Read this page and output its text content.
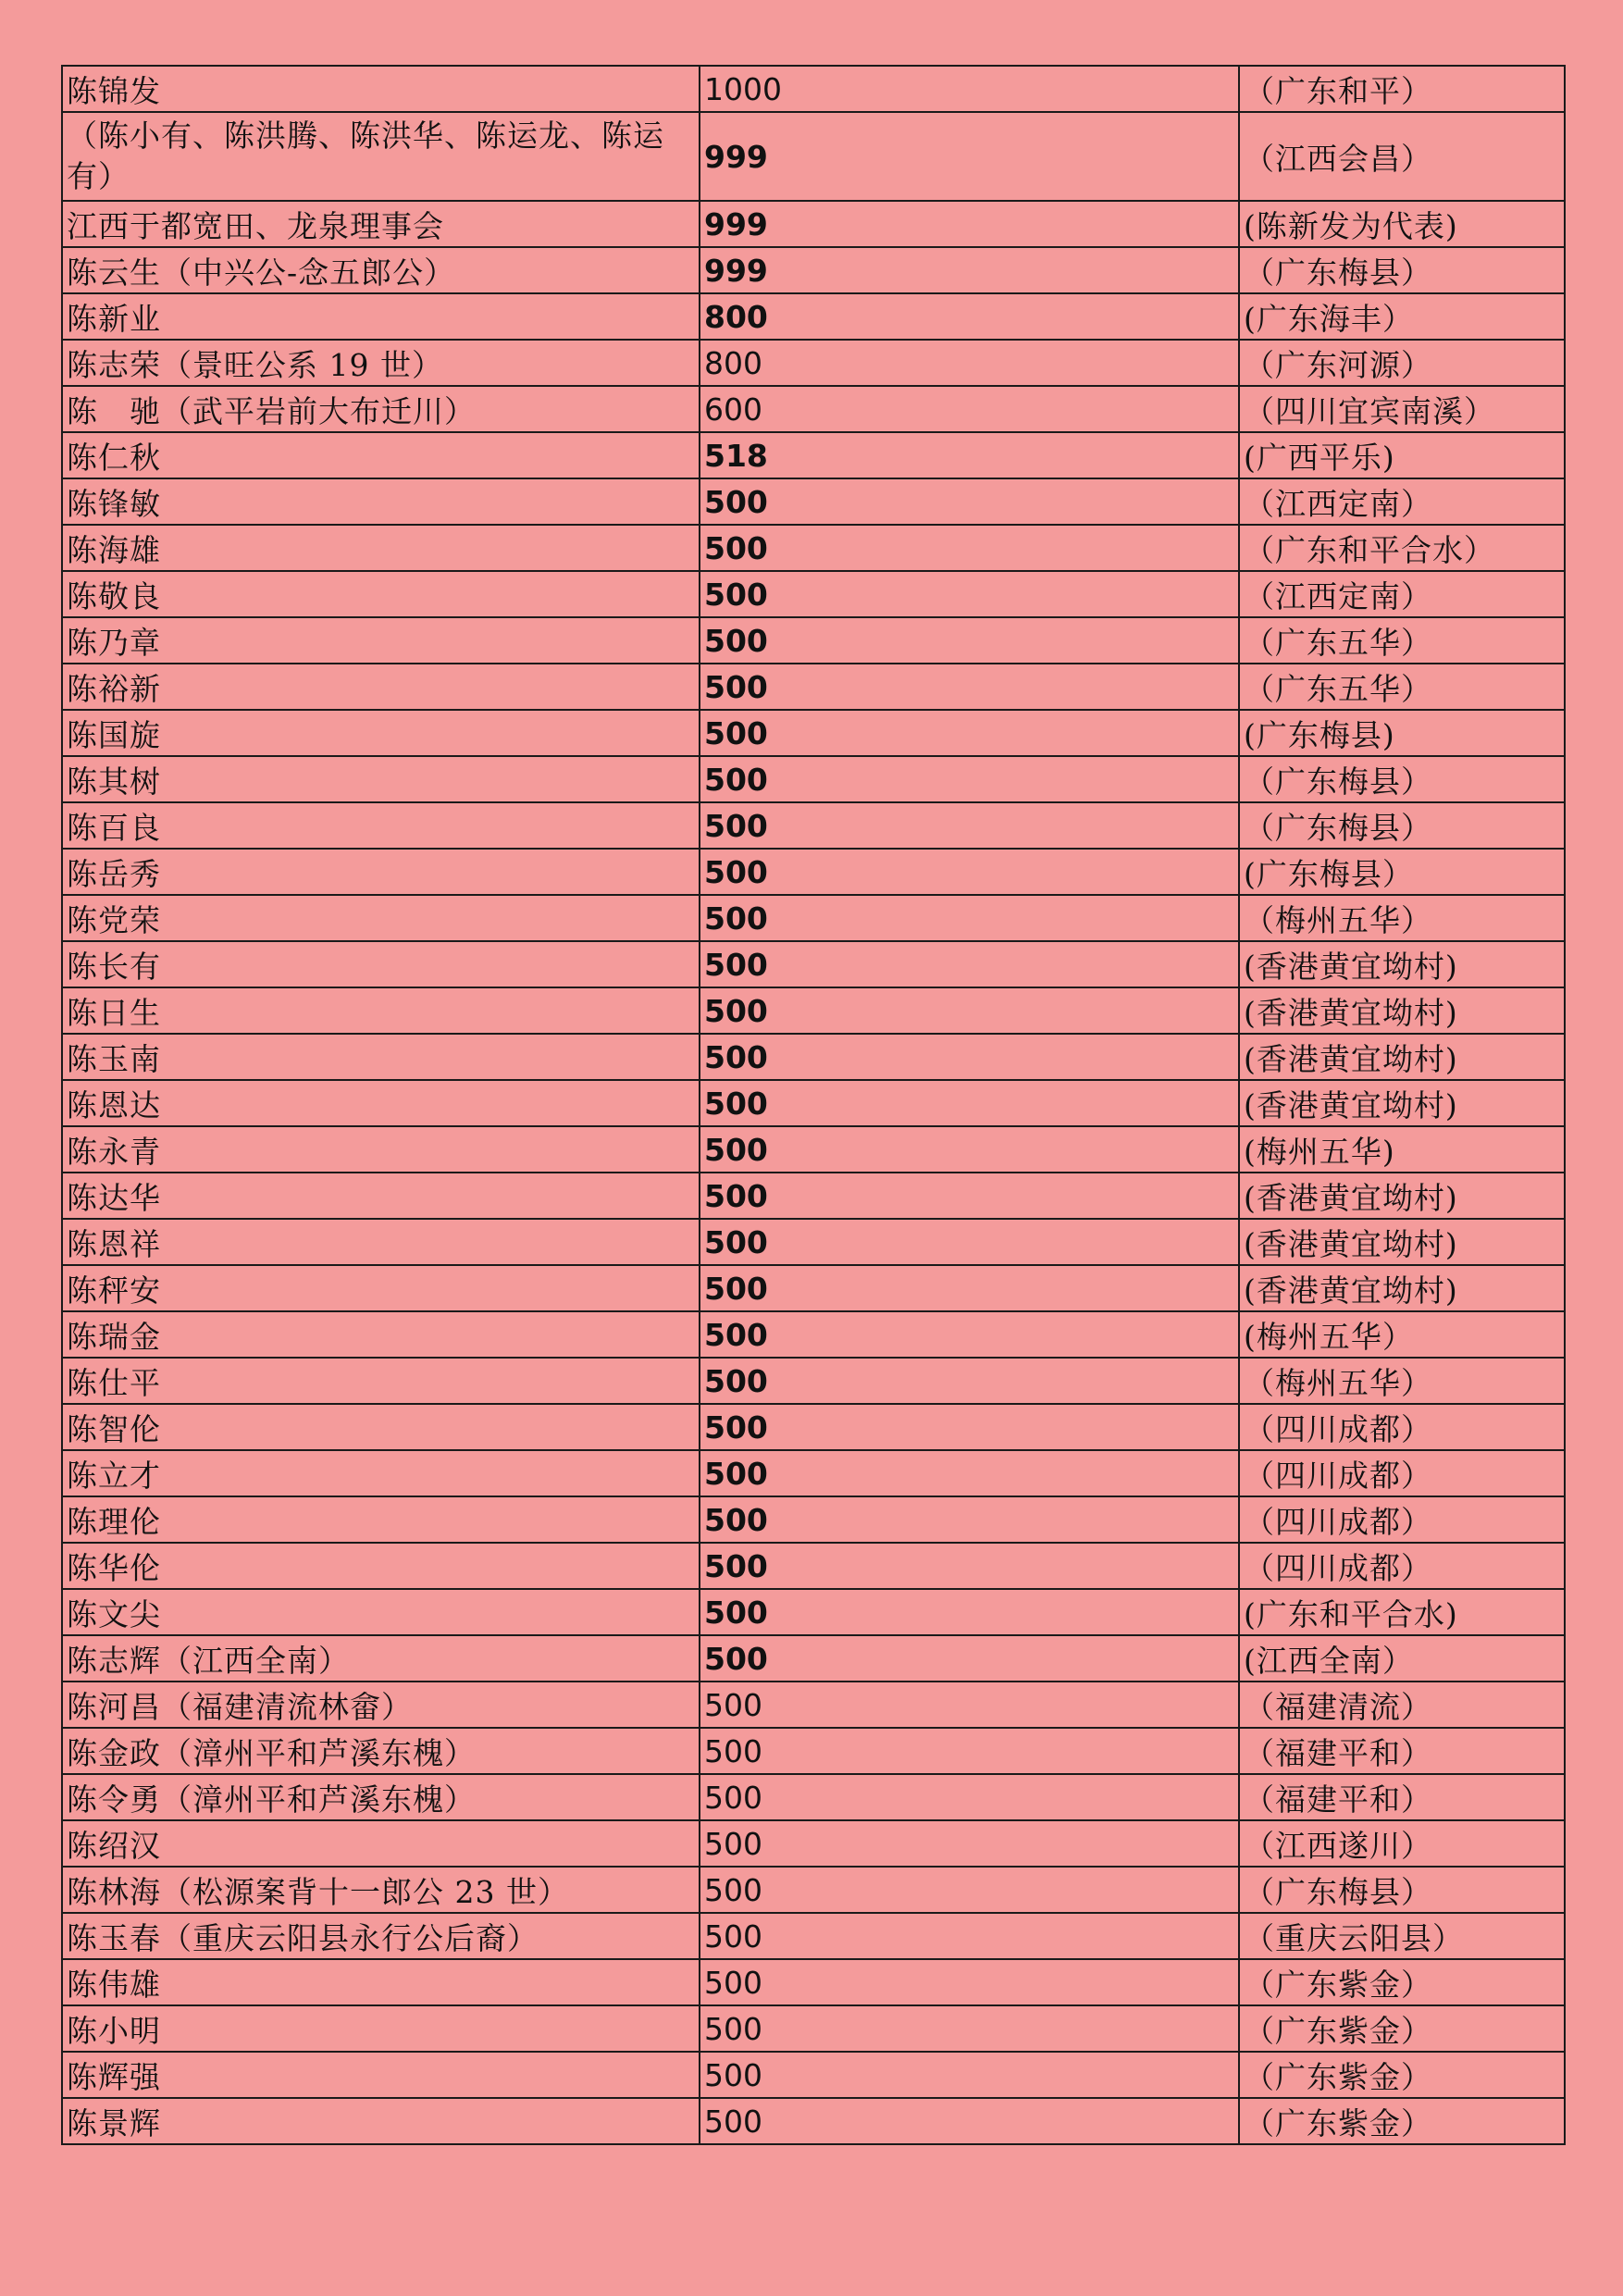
陈锦发	1000	（广东和平）
（陈小有、陈洪腾、陈洪华、陈运龙、陈运有）	999	（江西会昌）
江西于都宽田、龙泉理事会	999	(陈新发为代表)
陈云生（中兴公-念五郎公）	999	（广东梅县）
陈新业	800	(广东海丰）
陈志荣（景旺公系 19 世）	800	（广东河源）
陈　驰（武平岩前大布迁川）	600	（四川宜宾南溪）
陈仁秋	518	(广西平乐)
陈锋敏	500	（江西定南）
陈海雄	500	（广东和平合水）
陈敬良	500	（江西定南）
陈乃章	500	（广东五华）
陈裕新	500	（广东五华）
陈国旋	500	(广东梅县)
陈其树	500	（广东梅县）
陈百良	500	（广东梅县）
陈岳秀	500	(广东梅县）
陈党荣	500	（梅州五华）
陈长有	500	(香港黄宜坳村)
陈日生	500	(香港黄宜坳村)
陈玉南	500	(香港黄宜坳村)
陈恩达	500	(香港黄宜坳村)
陈永青	500	(梅州五华)
陈达华	500	(香港黄宜坳村)
陈恩祥	500	(香港黄宜坳村)
陈秤安	500	(香港黄宜坳村)
陈瑞金	500	(梅州五华）
陈仕平	500	（梅州五华）
陈智伦	500	（四川成都）
陈立才	500	（四川成都）
陈理伦	500	（四川成都）
陈华伦	500	（四川成都）
陈文尖	500	(广东和平合水)
陈志辉（江西全南）	500	(江西全南）
陈河昌（福建清流林畲）	500	（福建清流）
陈金政（漳州平和芦溪东槐）	500	（福建平和）
陈令勇（漳州平和芦溪东槐）	500	（福建平和）
陈绍汉	500	（江西遂川）
陈林海（松源案背十一郎公 23 世）	500	（广东梅县）
陈玉春（重庆云阳县永行公后裔）	500	（重庆云阳县）
陈伟雄	500	（广东紫金）
陈小明	500	（广东紫金）
陈辉强	500	（广东紫金）
陈景辉	500	（广东紫金）
